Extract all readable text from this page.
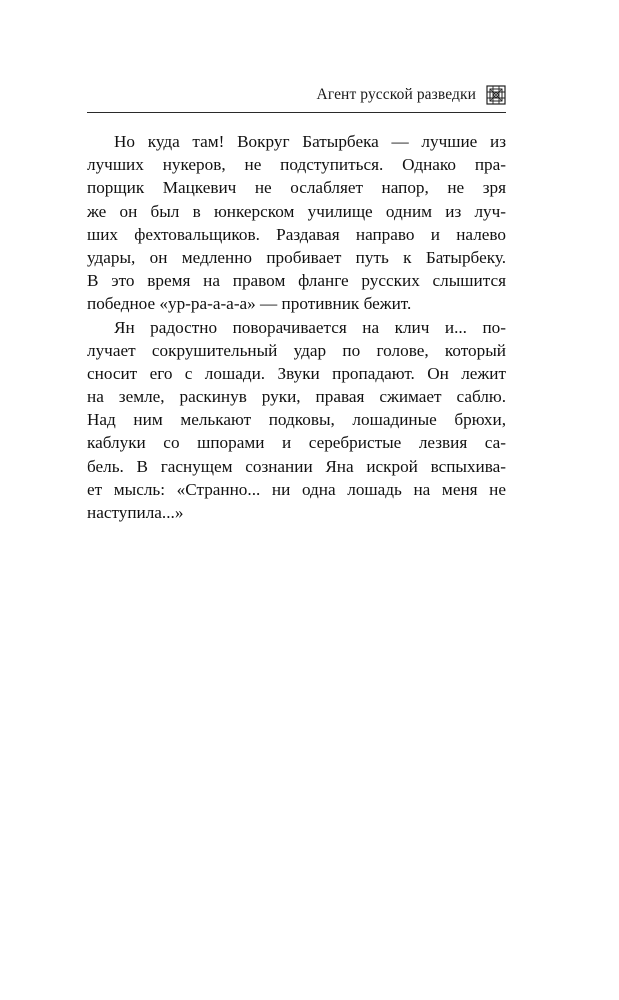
Агент русской разведки
Но куда там! Вокруг Батырбека — лучшие из
лучших нукеров, не подступиться. Однако пра-
порщик Мацкевич не ослабляет напор, не зря
же он был в юнкерском училище одним из луч-
ших фехтовальщиков. Раздавая направо и налево
удары, он медленно пробивает путь к Батырбеку.
В это время на правом фланге русских слышится
победное «ур-ра-а-а-а» — противник бежит.
Ян радостно поворачивается на клич и... по-
лучает сокрушительный удар по голове, который
сносит его с лошади. Звуки пропадают. Он лежит
на земле, раскинув руки, правая сжимает саблю.
Над ним мелькают подковы, лошадиные брюхи,
каблуки со шпорами и серебристые лезвия са-
бель. В гаснущем сознании Яна искрой вспыхива-
ет мысль: «Странно... ни одна лошадь на меня не
наступила...»
